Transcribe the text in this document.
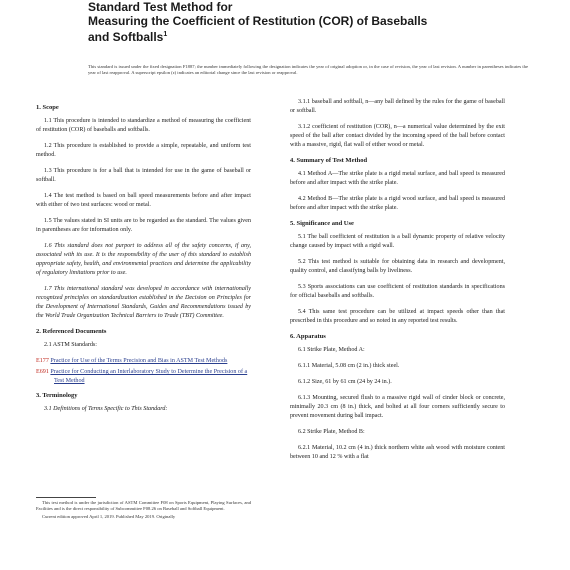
Standard Test Method for

Measuring the Coefficient of Restitution (COR) of Baseballs

and Softballs$^1$

This standard is issued under the fixed designation F1887; the number immediately following the designation indicates the year of original adoption or, in the case of revision, the year of last revision. A number in parentheses indicates the year of last reapproval. A superscript epsilon (ε) indicates an editorial change since the last revision or reapproval.
1. Scope

1.1 This procedure is intended to standardize a method of measuring the coefficient of restitution (COR) of baseballs and softballs.

1.2 This procedure is established to provide a simple, repeatable, and uniform test method.

1.3 This procedure is for a ball that is intended for use in the game of baseball or softball.

1.4 The test method is based on ball speed measurements before and after impact with either of two test surfaces: wood or metal.

1.5 The values stated in SI units are to be regarded as the standard. The values given in parentheses are for information only.

1.6 This standard does not purport to address all of the safety concerns, if any, associated with its use. It is the responsibility of the user of this standard to establish appropriate safety, health, and environmental practices and determine the applicability of regulatory limitations prior to use.

1.7 This international standard was developed in accordance with internationally recognized principles on standardization established in the Decision on Principles for the Development of International Standards, Guides and Recommendations issued by the World Trade Organization Technical Barriers to Trade (TBT) Committee.

2. Referenced Documents

2.1 ASTM Standards:

E177 Practice for Use of the Terms Precision and Bias in ASTM Test Methods
E691 Practice for Conducting an Interlaboratory Study to Determine the Precision of a Test Method
3. Terminology

3.1 Definitions of Terms Specific to This Standard:

This test method is under the jurisdiction of ASTM Committee F08 on Sports Equipment, Playing Surfaces, and Facilities and is the direct responsibility of Subcommittee F08.26 on Baseball and Softball Equipment.

Current edition approved April 1, 2019. Published May 2019. Originally

3.1.1 baseball and softball, n—any ball defined by the rules for the game of baseball or softball.

3.1.2 coefficient of restitution (COR), n—a numerical value determined by the exit speed of the ball after contact divided by the incoming speed of the ball before contact with a massive, rigid, flat wall of either wood or metal.

4. Summary of Test Method

4.1 Method A—The strike plate is a rigid metal surface, and ball speed is measured before and after impact with the strike plate.

4.2 Method B—The strike plate is a rigid wood surface, and ball speed is measured before and after impact with the strike plate.

5. Significance and Use

5.1 The ball coefficient of restitution is a ball dynamic property of relative velocity change caused by impact with a rigid wall.

5.2 This test method is suitable for obtaining data in research and development, quality control, and classifying balls by liveliness.

5.3 Sports associations can use coefficient of restitution standards in specifications for official baseballs and softballs.

5.4 This same test procedure can be utilized at impact speeds other than that prescribed in this procedure and so noted in any reported test results.

6. Apparatus

6.1 Strike Plate, Method A:

6.1.1 Material, 5.08 cm (2 in.) thick steel.

6.1.2 Size, 61 by 61 cm (24 by 24 in.).

6.1.3 Mounting, secured flush to a massive rigid wall of cinder block or concrete, minimally 20.3 cm (8 in.) thick, and bolted at all four corners sufficiently secure to prevent movement during ball impact.

6.2 Strike Plate, Method B:

6.2.1 Material, 10.2 cm (4 in.) thick northern white ash wood with moisture content between 10 and 12 % with a flat
